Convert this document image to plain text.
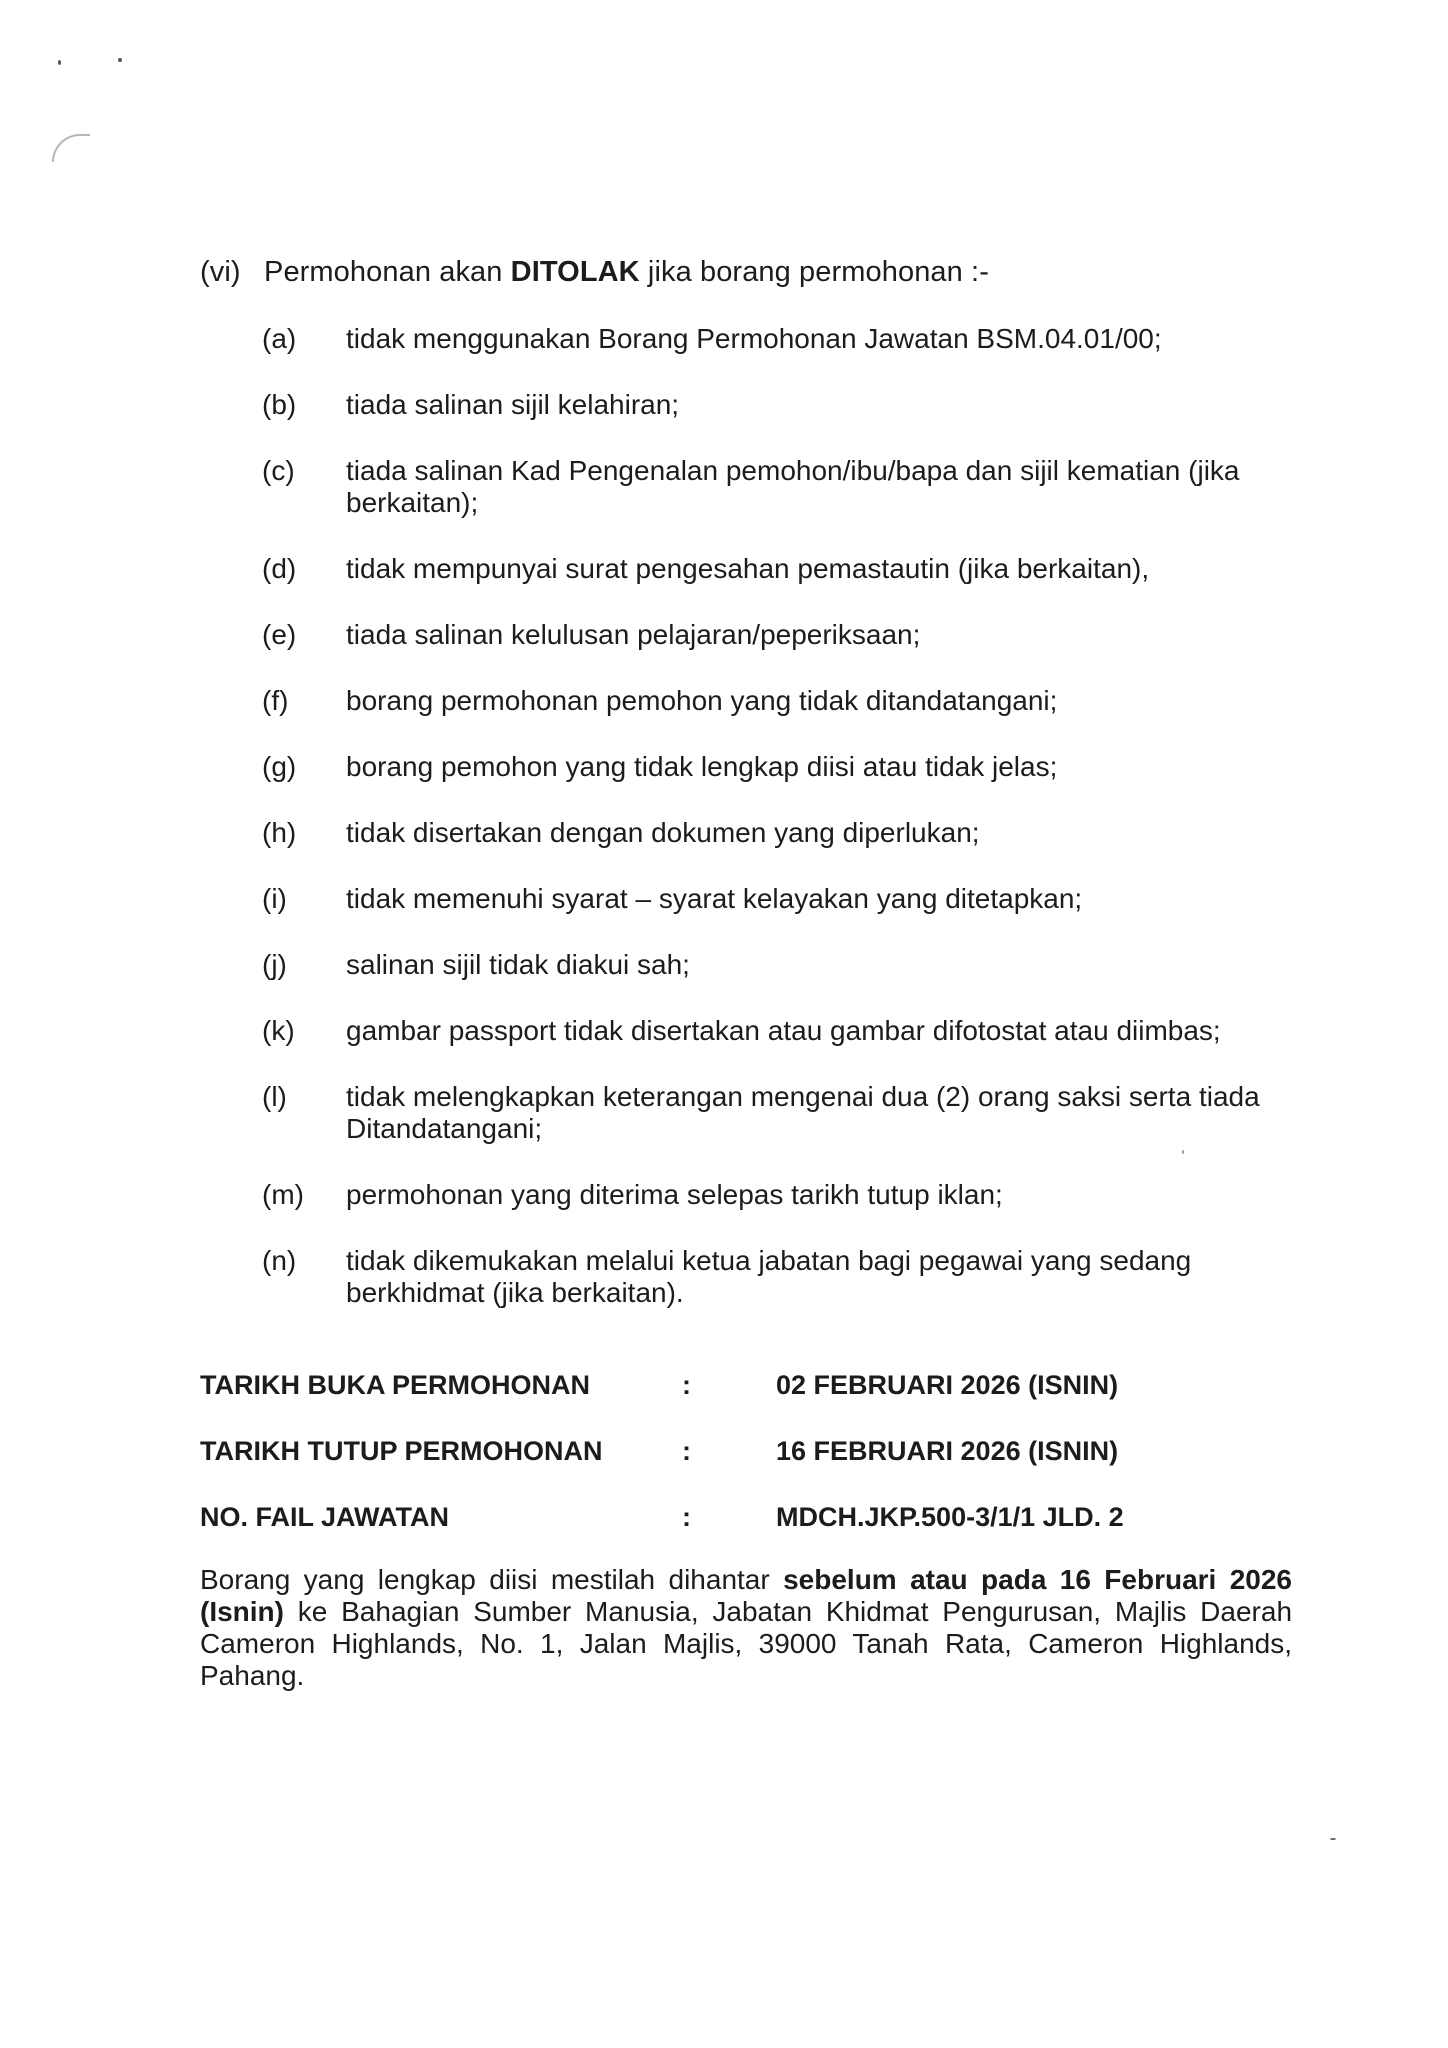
(vi) Permohonan akan DITOLAK jika borang permohonan :-
(a)	tidak menggunakan Borang Permohonan Jawatan BSM.04.01/00;
(b)	tiada salinan sijil kelahiran;
(c)	tiada salinan Kad Pengenalan pemohon/ibu/bapa dan sijil kematian (jika berkaitan);
(d)	tidak mempunyai surat pengesahan pemastautin (jika berkaitan),
(e)	tiada salinan kelulusan pelajaran/peperiksaan;
(f)	borang permohonan pemohon yang tidak ditandatangani;
(g)	borang pemohon yang tidak lengkap diisi atau tidak jelas;
(h)	tidak disertakan dengan dokumen yang diperlukan;
(i)	tidak memenuhi syarat – syarat kelayakan yang ditetapkan;
(j)	salinan sijil tidak diakui sah;
(k)	gambar passport tidak disertakan atau gambar difotostat atau diimbas;
(l)	tidak melengkapkan keterangan mengenai dua (2) orang saksi serta tiada Ditandatangani;
(m)	permohonan yang diterima selepas tarikh tutup iklan;
(n)	tidak dikemukakan melalui ketua jabatan bagi pegawai yang sedang berkhidmat (jika berkaitan).
TARIKH BUKA PERMOHONAN	:	02 FEBRUARI 2026 (ISNIN)
TARIKH TUTUP PERMOHONAN	:	16 FEBRUARI 2026 (ISNIN)
NO. FAIL JAWATAN	:	MDCH.JKP.500-3/1/1 JLD. 2

Borang yang lengkap diisi mestilah dihantar sebelum atau pada 16 Februari 2026 (Isnin) ke Bahagian Sumber Manusia, Jabatan Khidmat Pengurusan, Majlis Daerah Cameron Highlands, No. 1, Jalan Majlis, 39000 Tanah Rata, Cameron Highlands, Pahang.
